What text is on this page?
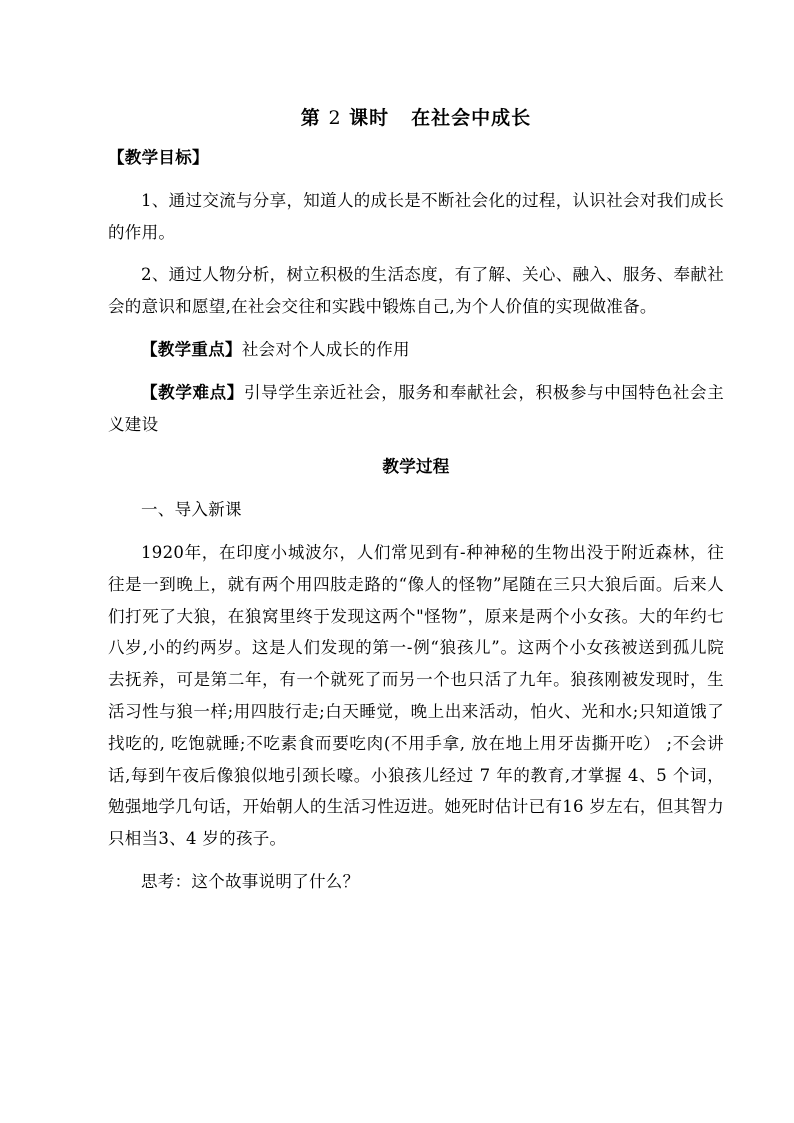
第 2 课时 在社会中成长

【教学目标】

1、通过交流与分享，知道人的成长是不断社会化的过程，认识社会对我们成长的作用。

2、通过人物分析，树立积极的生活态度，有了解、关心、融入、服务、奉献社会的意识和愿望,在社会交往和实践中锻炼自己,为个人价值的实现做准备。

【教学重点】社会对个人成长的作用

【教学难点】引导学生亲近社会，服务和奉献社会，积极参与中国特色社会主义建设

教学过程

一、导入新课

1920年，在印度小城波尔，人们常见到有-种神秘的生物出没于附近森林，往往是一到晚上，就有两个用四肢走路的“像人的怪物”尾随在三只大狼后面。后来人们打死了大狼，在狼窝里终于发现这两个"怪物”，原来是两个小女孩。大的年约七八岁,小的约两岁。这是人们发现的第一-例“狼孩儿”。这两个小女孩被送到孤儿院去抚养，可是第二年，有一个就死了而另一个也只活了九年。狼孩刚被发现时，生活习性与狼一样;用四肢行走;白天睡觉，晚上出来活动，怕火、光和水;只知道饿了找吃的, 吃饱就睡;不吃素食而要吃肉(不用手拿, 放在地上用牙齿撕开吃） ;不会讲话,每到午夜后像狼似地引颈长嚎。小狼孩儿经过 7 年的教育,才掌握 4、5 个词，勉强地学几句话，开始朝人的生活习性迈进。她死时估计已有16 岁左右，但其智力只相当3、4 岁的孩子。

思考：这个故事说明了什么？
